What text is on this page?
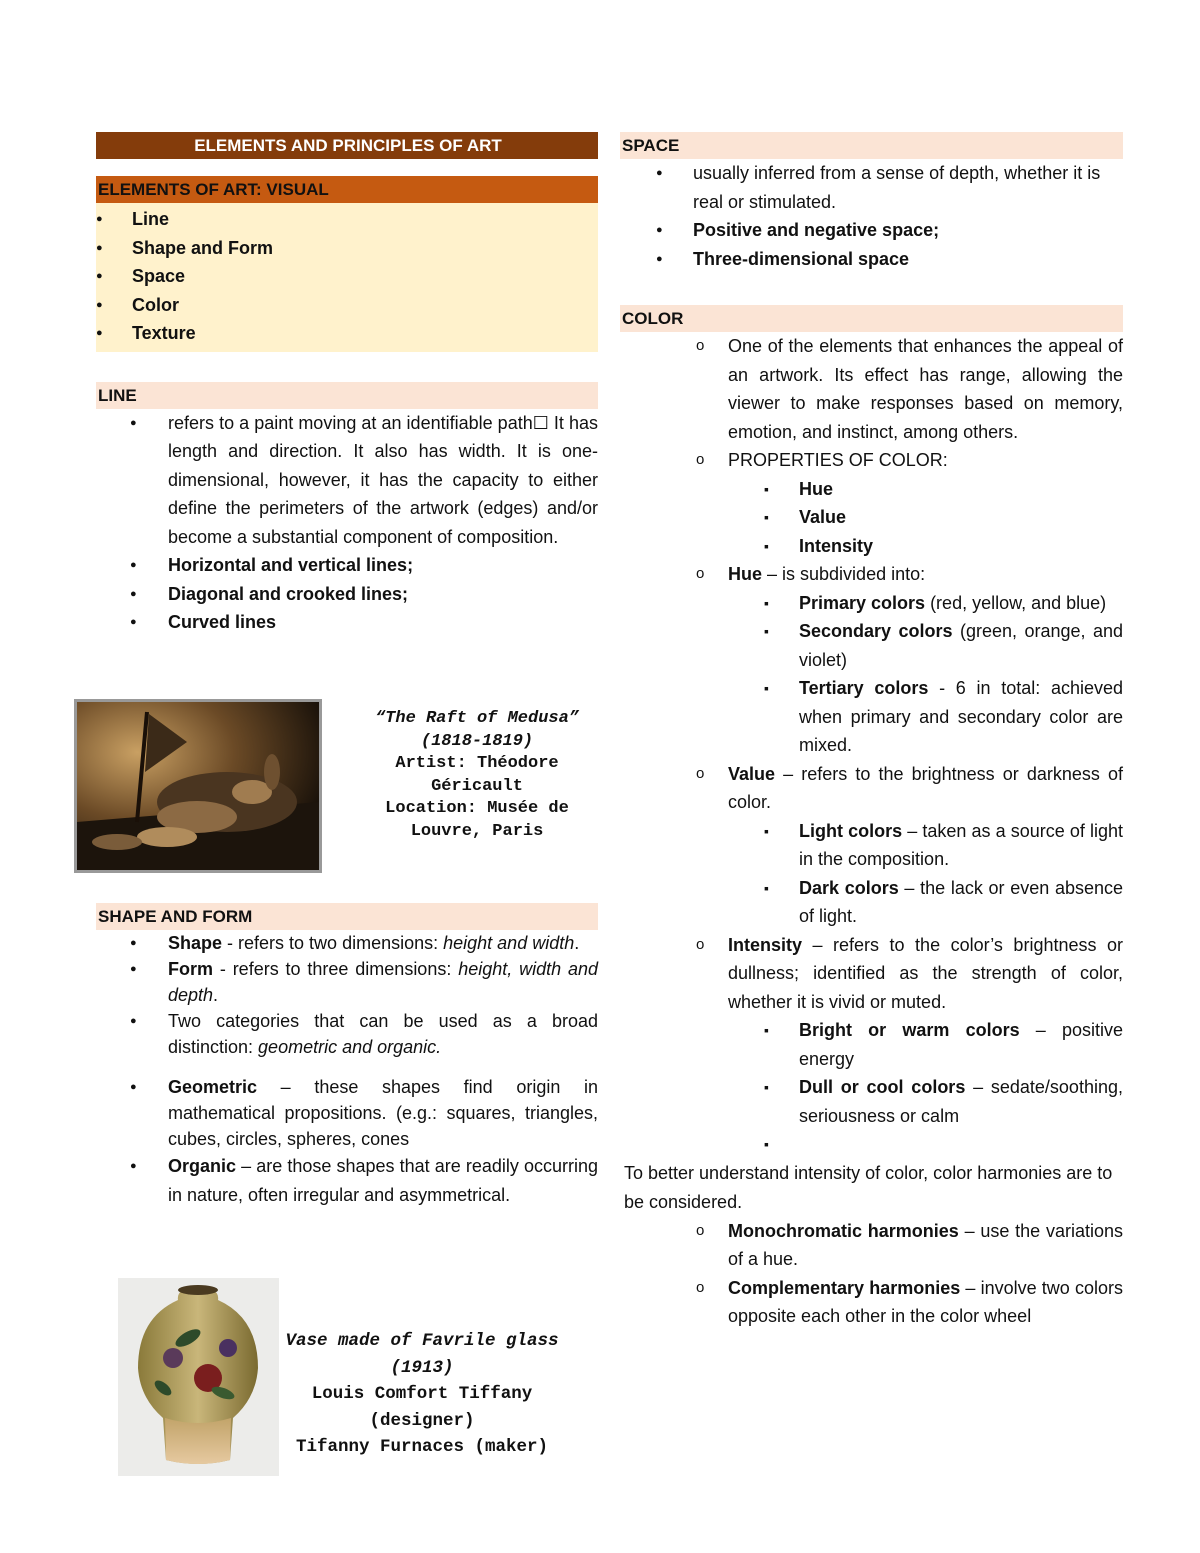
ELEMENTS AND PRINCIPLES OF ART
ELEMENTS OF ART: VISUAL
● Line
● Shape and Form
● Space
● Color
● Texture
LINE
● refers to a paint moving at an identifiable path☐ It has length and direction. It also has width. It is one-dimensional, however, it has the capacity to either define the perimeters of the artwork (edges) and/or become a substantial component of composition.
● Horizontal and vertical lines;
● Diagonal and crooked lines;
● Curved lines
“The Raft of Medusa”
(1818-1819)
Artist: Théodore Géricault
Location: Musée de Louvre, Paris
SHAPE AND FORM
● Shape - refers to two dimensions: height and width.
● Form - refers to three dimensions: height, width and depth.
● Two categories that can be used as a broad distinction: geometric and organic.
● Geometric – these shapes find origin in mathematical propositions. (e.g.: squares, triangles, cubes, circles, spheres, cones
● Organic – are those shapes that are readily occurring in nature, often irregular and asymmetrical.
Vase made of Favrile glass (1913)
Louis Comfort Tiffany (designer)
Tifanny Furnaces (maker)
SPACE
● usually inferred from a sense of depth, whether it is real or stimulated.
● Positive and negative space;
● Three-dimensional space
COLOR
o One of the elements that enhances the appeal of an artwork. Its effect has range, allowing the viewer to make responses based on memory, emotion, and instinct, among others.
o PROPERTIES OF COLOR:
▪ Hue
▪ Value
▪ Intensity
o Hue – is subdivided into:
▪ Primary colors (red, yellow, and blue)
▪ Secondary colors (green, orange, and violet)
▪ Tertiary colors - 6 in total: achieved when primary and secondary color are mixed.
o Value – refers to the brightness or darkness of color.
▪ Light colors – taken as a source of light in the composition.
▪ Dark colors – the lack or even absence of light.
o Intensity – refers to the color’s brightness or dullness; identified as the strength of color, whether it is vivid or muted.
▪ Bright or warm colors – positive energy
▪ Dull or cool colors – sedate/soothing, seriousness or calm
▪
To better understand intensity of color, color harmonies are to be considered.
o Monochromatic harmonies – use the variations of a hue.
o Complementary harmonies – involve two colors opposite each other in the color wheel
